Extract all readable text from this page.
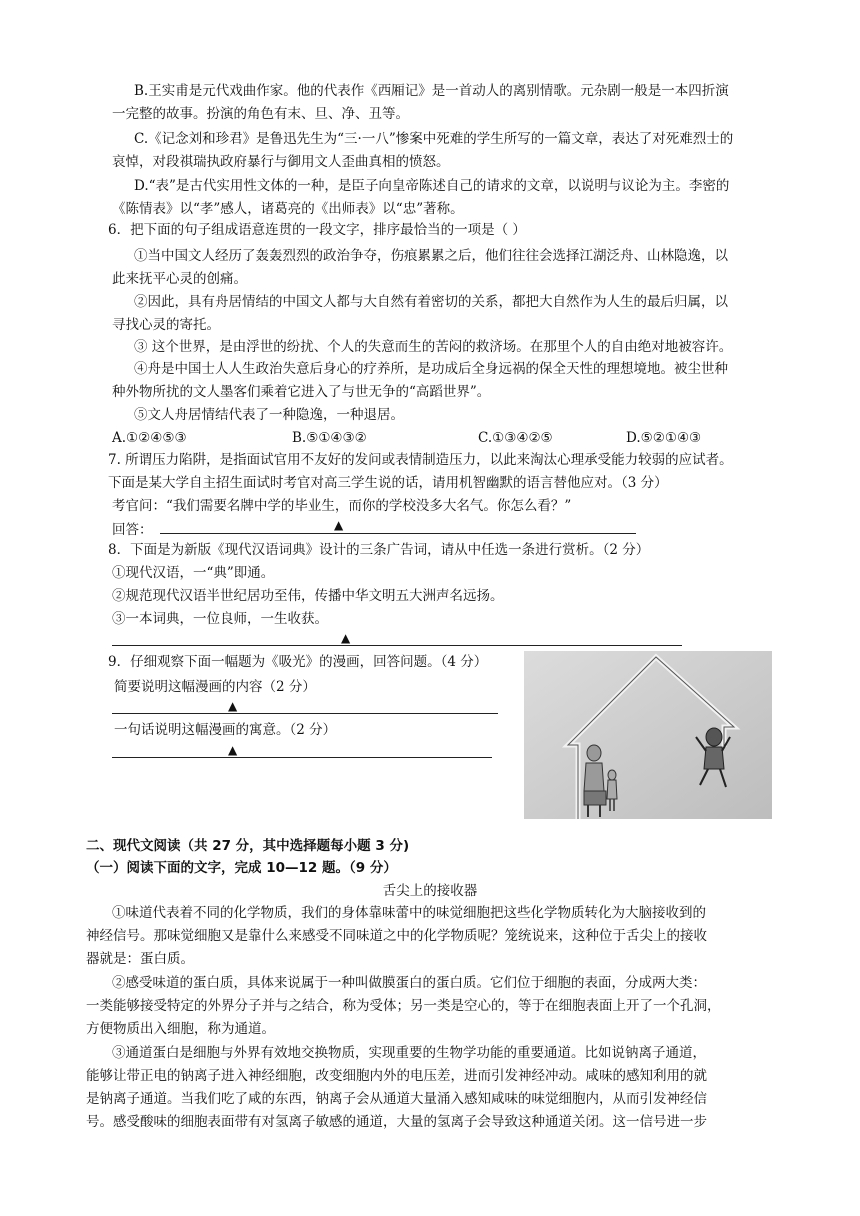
B.王实甫是元代戏曲作家。他的代表作《西厢记》是一首动人的离别情歌。元杂剧一般是一本四折演
一完整的故事。扮演的角色有末、旦、净、丑等。
C.《记念刘和珍君》是鲁迅先生为“三·一八”惨案中死难的学生所写的一篇文章，表达了对死难烈士的
哀悼，对段祺瑞执政府暴行与御用文人歪曲真相的愤怒。
D.“表”是古代实用性文体的一种，是臣子向皇帝陈述自己的请求的文章，以说明与议论为主。李密的
《陈情表》以“孝”感人，诸葛亮的《出师表》以“忠”著称。
6．把下面的句子组成语意连贯的一段文字，排序最恰当的一项是（ ）
①当中国文人经历了轰轰烈烈的政治争夺，伤痕累累之后，他们往往会选择江湖泛舟、山林隐逸，以
此来抚平心灵的创痛。
②因此，具有舟居情结的中国文人都与大自然有着密切的关系，都把大自然作为人生的最后归属，以
寻找心灵的寄托。
③ 这个世界，是由浮世的纷扰、个人的失意而生的苦闷的救济场。在那里个人的自由绝对地被容许。
④舟是中国士人人生政治失意后身心的疗养所，是功成后全身远祸的保全天性的理想境地。被尘世种
种外物所扰的文人墨客们乘着它进入了与世无争的“高蹈世界”。
⑤文人舟居情结代表了一种隐逸，一种退居。
A.①②④⑤③	B.⑤①④③②	C.①③④②⑤	D.⑤②①④③
7. 所谓压力陷阱，是指面试官用不友好的发问或表情制造压力，以此来淘汰心理承受能力较弱的应试者。
下面是某大学自主招生面试时考官对高三学生说的话，请用机智幽默的语言替他应对。（3 分）
考官问：“我们需要名牌中学的毕业生，而你的学校没多大名气。你怎么看？”
回答：	▲
8．下面是为新版《现代汉语词典》设计的三条广告词，请从中任选一条进行赏析。（2 分）
①现代汉语，一“典”即通。
②规范现代汉语半世纪居功至伟，传播中华文明五大洲声名远扬。
③一本词典，一位良师，一生收获。
▲
9．仔细观察下面一幅题为《吸光》的漫画，回答问题。（4 分）
简要说明这幅漫画的内容（2 分）
▲
一句话说明这幅漫画的寓意。（2 分）
▲
二、现代文阅读（共 27 分，其中选择题每小题 3 分)
（一）阅读下面的文字，完成 10—12 题。（9 分）
舌尖上的接收器
①味道代表着不同的化学物质，我们的身体靠味蕾中的味觉细胞把这些化学物质转化为大脑接收到的
神经信号。那味觉细胞又是靠什么来感受不同味道之中的化学物质呢？笼统说来，这种位于舌尖上的接收
器就是：蛋白质。
②感受味道的蛋白质，具体来说属于一种叫做膜蛋白的蛋白质。它们位于细胞的表面，分成两大类：
一类能够接受特定的外界分子并与之结合，称为受体；另一类是空心的，等于在细胞表面上开了一个孔洞，
方便物质出入细胞，称为通道。
③通道蛋白是细胞与外界有效地交换物质，实现重要的生物学功能的重要通道。比如说钠离子通道，
能够让带正电的钠离子进入神经细胞，改变细胞内外的电压差，进而引发神经冲动。咸味的感知利用的就
是钠离子通道。当我们吃了咸的东西，钠离子会从通道大量涌入感知咸味的味觉细胞内，从而引发神经信
号。感受酸味的细胞表面带有对氢离子敏感的通道，大量的氢离子会导致这种通道关闭。这一信号进一步
